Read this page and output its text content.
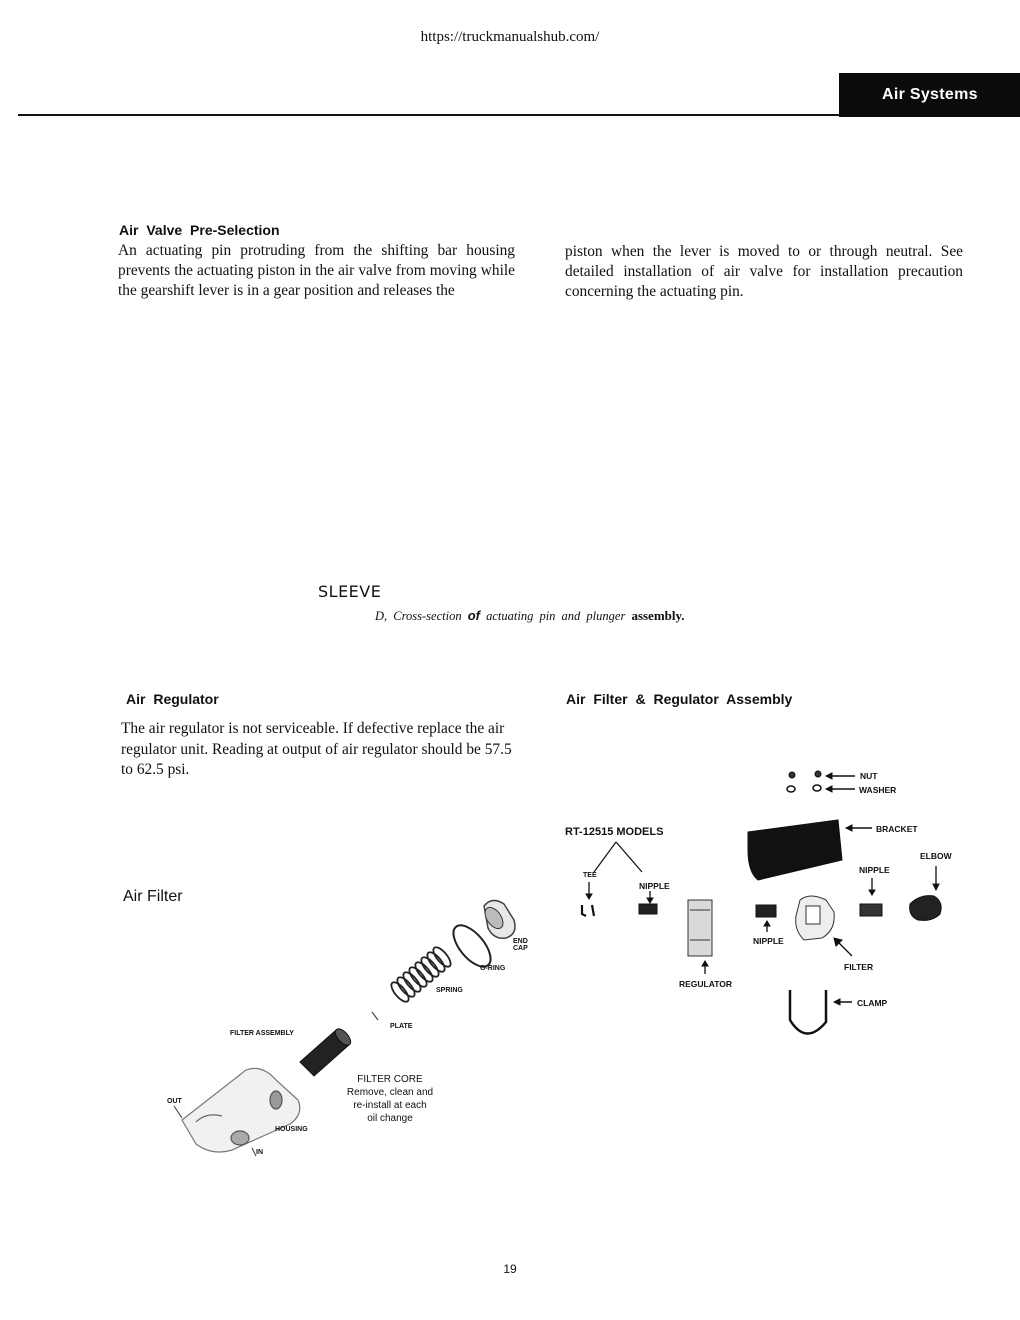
https://truckmanualshub.com/
Air Systems
Air Valve Pre-Selection
An actuating pin protruding from the shifting bar housing prevents the actuating piston in the air valve from moving while the gearshift lever is in a gear position and releases the
piston when the lever is moved to or through neutral. See detailed installation of air valve for installation precaution concerning the actuating pin.
SLEEVE
D, Cross-section of actuating pin and plunger assembly.
Air Regulator
The air regulator is not serviceable. If defective replace the air regulator unit. Reading at output of air regulator should be 57.5 to 62.5 psi.
Air Filter & Regulator Assembly
Air Filter
END
CAP
O-RING
SPRING
PLATE
FILTER ASSEMBLY
OUT
HOUSING
IN
FILTER CORE
Remove, clean and
re-install at each
oil change
RT-12515 MODELS
NUT
WASHER
BRACKET
ELBOW
NIPPLE
TEE
NIPPLE
NIPPLE
FILTER
REGULATOR
CLAMP
19
